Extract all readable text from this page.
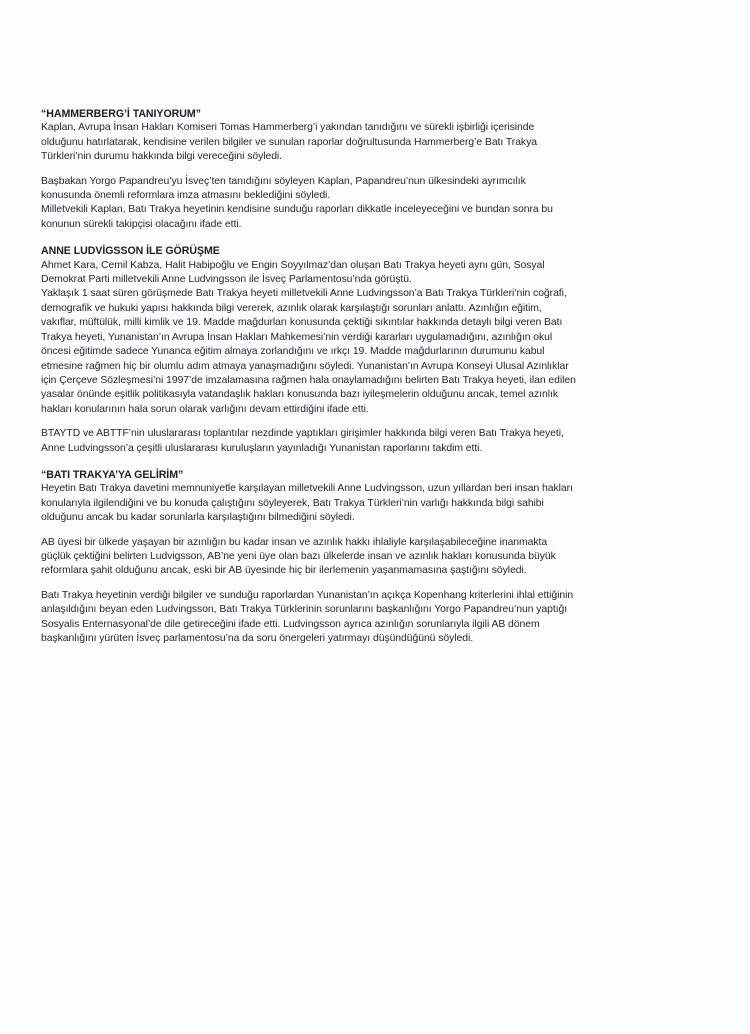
“HAMMERBERG’İ TANIYORUM”

Kaplan, Avrupa İnsan Hakları Komiseri Tomas Hammerberg’i yakından tanıdığını ve sürekli işbirliği içerisinde
olduğunu hatırlatarak, kendisine verilen bilgiler ve sunulan raporlar doğrultusunda Hammerberg’e Batı Trakya
Türkleri’nin durumu hakkında bilgi vereceğini söyledi.

Başbakan Yorgo Papandreu’yu İsveç’ten tanıdığını söyleyen Kaplan, Papandreu’nun ülkesindeki ayrımcılık
konusunda önemli reformlara imza atmasını beklediğini söyledi.

Milletvekili Kaplan, Batı Trakya heyetinin kendisine sunduğu raporları dikkatle inceleyeceğini ve bundan sonra bu
konunun sürekli takipçisi olacağını ifade etti.

ANNE LUDVİGSSON İLE GÖRÜŞME

Ahmet Kara, Cemil Kabza, Halit Habipoğlu ve Engin Soyyılmaz’dan oluşan Batı Trakya heyeti aynı gün, Sosyal
Demokrat Parti milletvekili Anne Ludvingsson ile İsveç Parlamentosu’nda görüştü.

Yaklaşık 1 saat süren görüşmede Batı Trakya heyeti milletvekili Anne Ludvingsson’a Batı Trakya Türkleri’nin coğrafi,
demografik ve hukuki yapısı hakkında bilgi vererek, azınlık olarak karşılaştığı sorunları anlattı. Azınlığın eğitim,
vakıflar, müftülük, milli kimlik ve 19. Madde mağdurları konusunda çektiği sıkıntılar hakkında detaylı bilgi veren Batı
Trakya heyeti, Yunanistan’ın Avrupa İnsan Hakları Mahkemesi’nin verdiği kararları uygulamadığını, azınlığın okul
öncesi eğitimde sadece Yunanca eğitim almaya zorlandığını ve ırkçı 19. Madde mağdurlarının durumunu kabul
etmesine rağmen hiç bir olumlu adım atmaya yanaşmadığını söyledi. Yunanistan’ın Avrupa Konseyi Ulusal Azınlıklar
için Çerçeve Sözleşmesi’ni 1997’de imzalamasına rağmen hala onaylamadığını belirten Batı Trakya heyeti, ilan edilen
yasalar önünde eşitlik politikasıyla vatandaşlık hakları konusunda bazı iyileşmelerin olduğunu ancak, temel azınlık
hakları konularının hala sorun olarak varlığını devam ettirdiğini ifade etti.

BTAYTD ve ABTTF’nin uluslararası toplantılar nezdinde yaptıkları girişimler hakkında bilgi veren Batı Trakya heyeti,
Anne Ludvingsson’a çeşitli uluslararası kuruluşların yayınladığı Yunanistan raporlarını takdim etti.

“BATI TRAKYA’YA GELİRİM”

Heyetin Batı Trakya davetini memnuniyetle karşılayan milletvekili Anne Ludvingsson, uzun yıllardan beri insan hakları
konularıyla ilgilendiğini ve bu konuda çalıştığını söyleyerek, Batı Trakya Türkleri’nin varlığı hakkında bilgi sahibi
olduğunu ancak bu kadar sorunlarla karşılaştığını bilmediğini söyledi.

AB üyesi bir ülkede yaşayan bir azınlığın bu kadar insan ve azınlık hakkı ihlaliyle karşılaşabileceğine inanmakta
güçlük çektiğini belirten Ludvigsson, AB’ne yeni üye olan bazı ülkelerde insan ve azınlık hakları konusunda büyük
reformlara şahit olduğunu ancak, eski bir AB üyesinde hiç bir ilerlemenin yaşanmamasına şaştığını söyledi.

Batı Trakya heyetinin verdiği bilgiler ve sunduğu raporlardan Yunanistan’ın açıkça Kopenhang kriterlerini ihlal ettiğinin
anlaşıldığını beyan eden Ludvingsson, Batı Trakya Türklerinin sorunlarını başkanlığını Yorgo Papandreu’nun yaptığı
Sosyalis Enternasyonal’de dile getireceğini ifade etti. Ludvingsson ayrıca azınlığın sorunlarıyla ilgili AB dönem
başkanlığını yürüten İsveç parlamentosu’na da soru önergeleri yatırmayı düşündüğünü söyledi.
